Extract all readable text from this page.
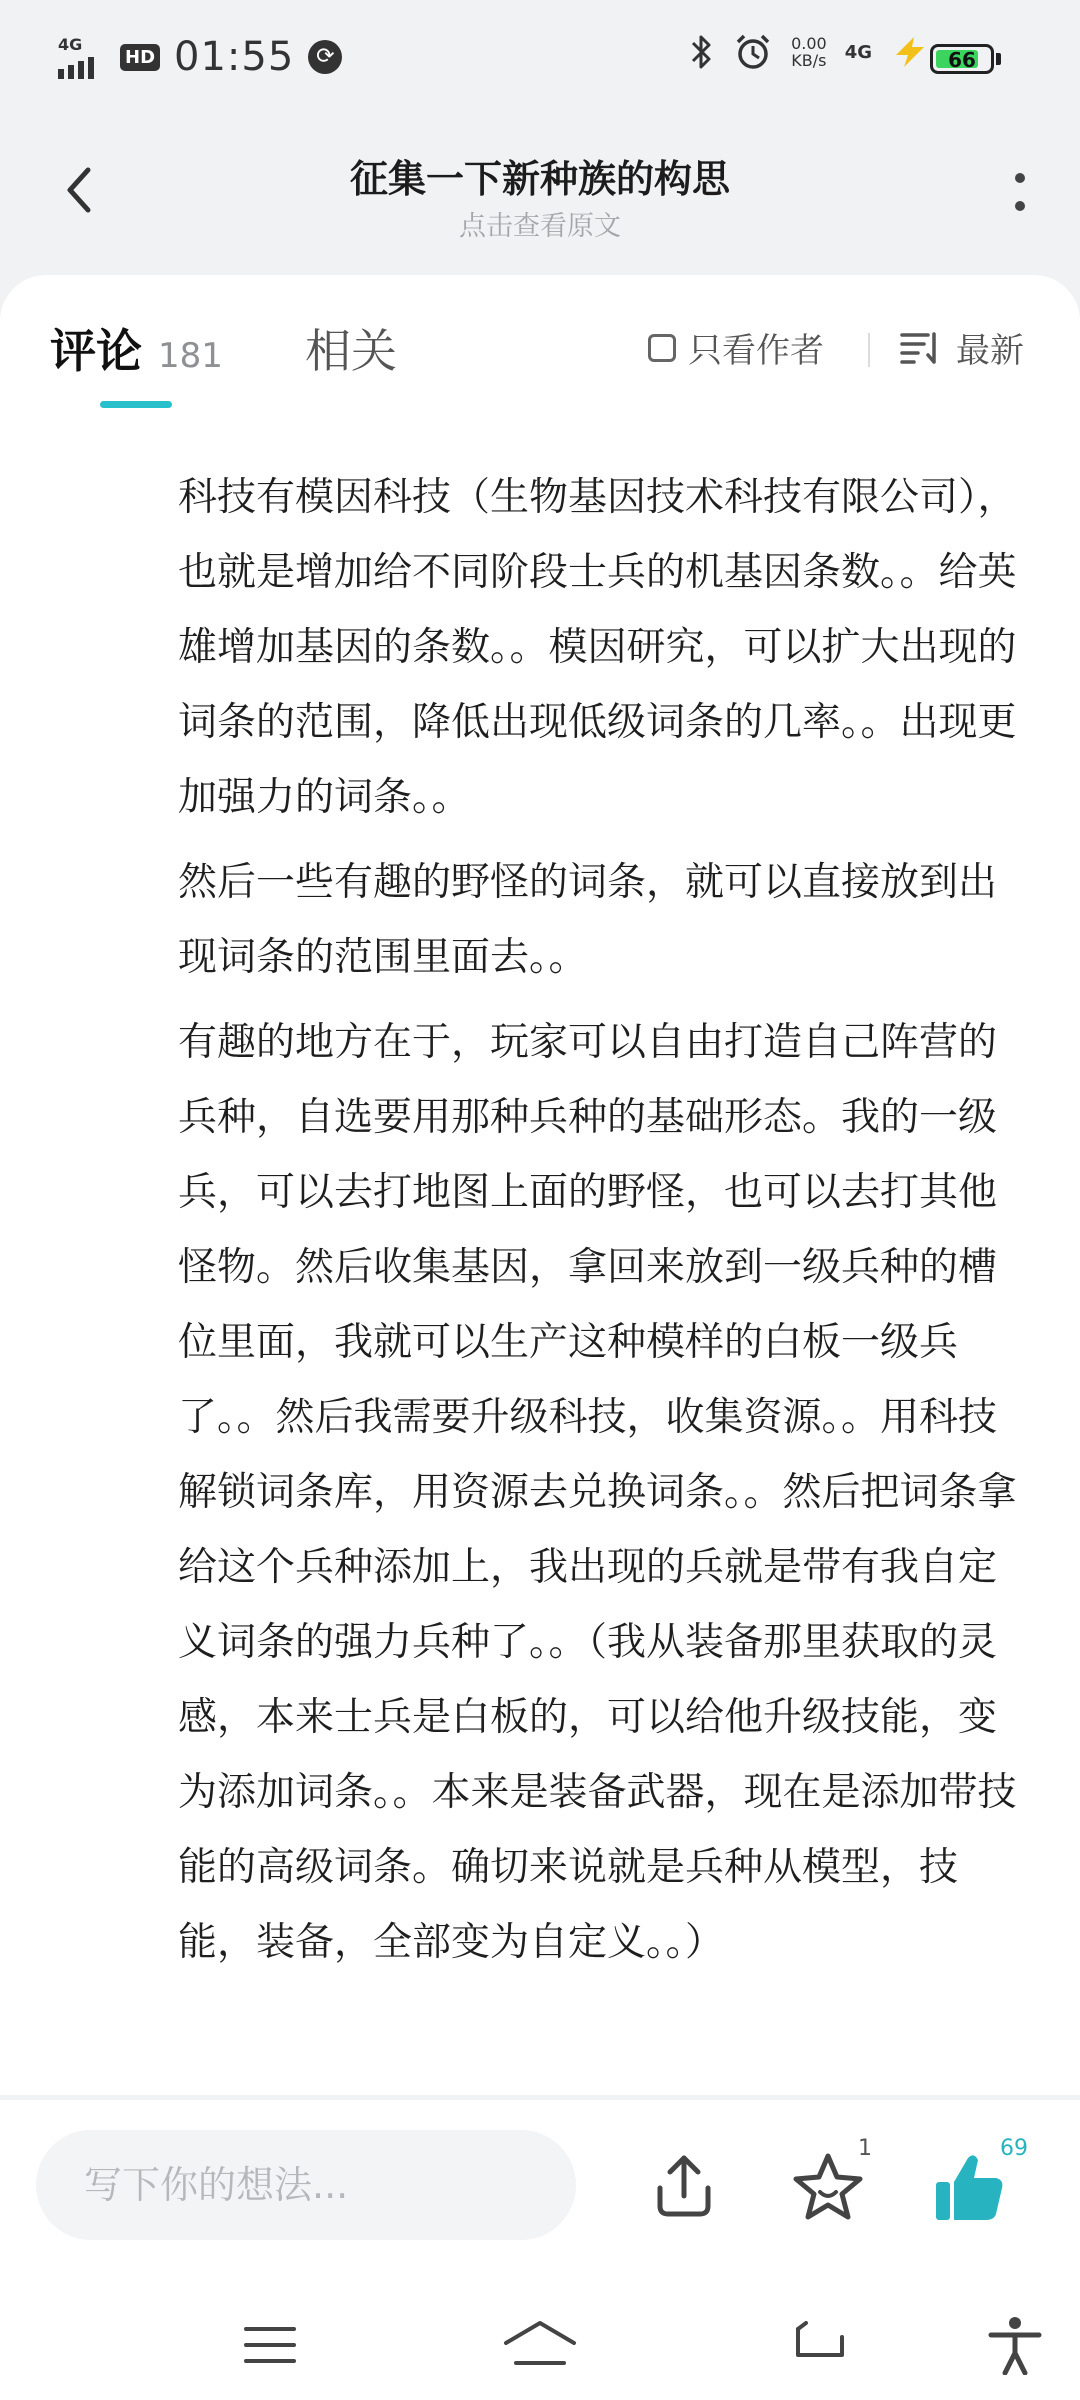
4G
HD 01:55 ⟳
0.00
KB/s 4G	66
征集一下新种族的构思
点击查看原文
评论 181 相关	只看作者	最新

科技有模因科技（生物基因技术科技有限公司），也就是增加给不同阶段士兵的机基因条数。。给英雄增加基因的条数。。模因研究，可以扩大出现的词条的范围，降低出现低级词条的几率。。出现更加强力的词条。。

然后一些有趣的野怪的词条，就可以直接放到出现词条的范围里面去。。

有趣的地方在于，玩家可以自由打造自己阵营的兵种，自选要用那种兵种的基础形态。我的一级兵，可以去打地图上面的野怪，也可以去打其他怪物。然后收集基因，拿回来放到一级兵种的槽位里面，我就可以生产这种模样的白板一级兵了。。然后我需要升级科技，收集资源。。用科技解锁词条库，用资源去兑换词条。。然后把词条拿给这个兵种添加上，我出现的兵就是带有我自定义词条的强力兵种了。。（我从装备那里获取的灵感，本来士兵是白板的，可以给他升级技能，变为添加词条。。本来是装备武器，现在是添加带技能的高级词条。确切来说就是兵种从模型，技能，装备，全部变为自定义。。）

写下你的想法...
1	69
